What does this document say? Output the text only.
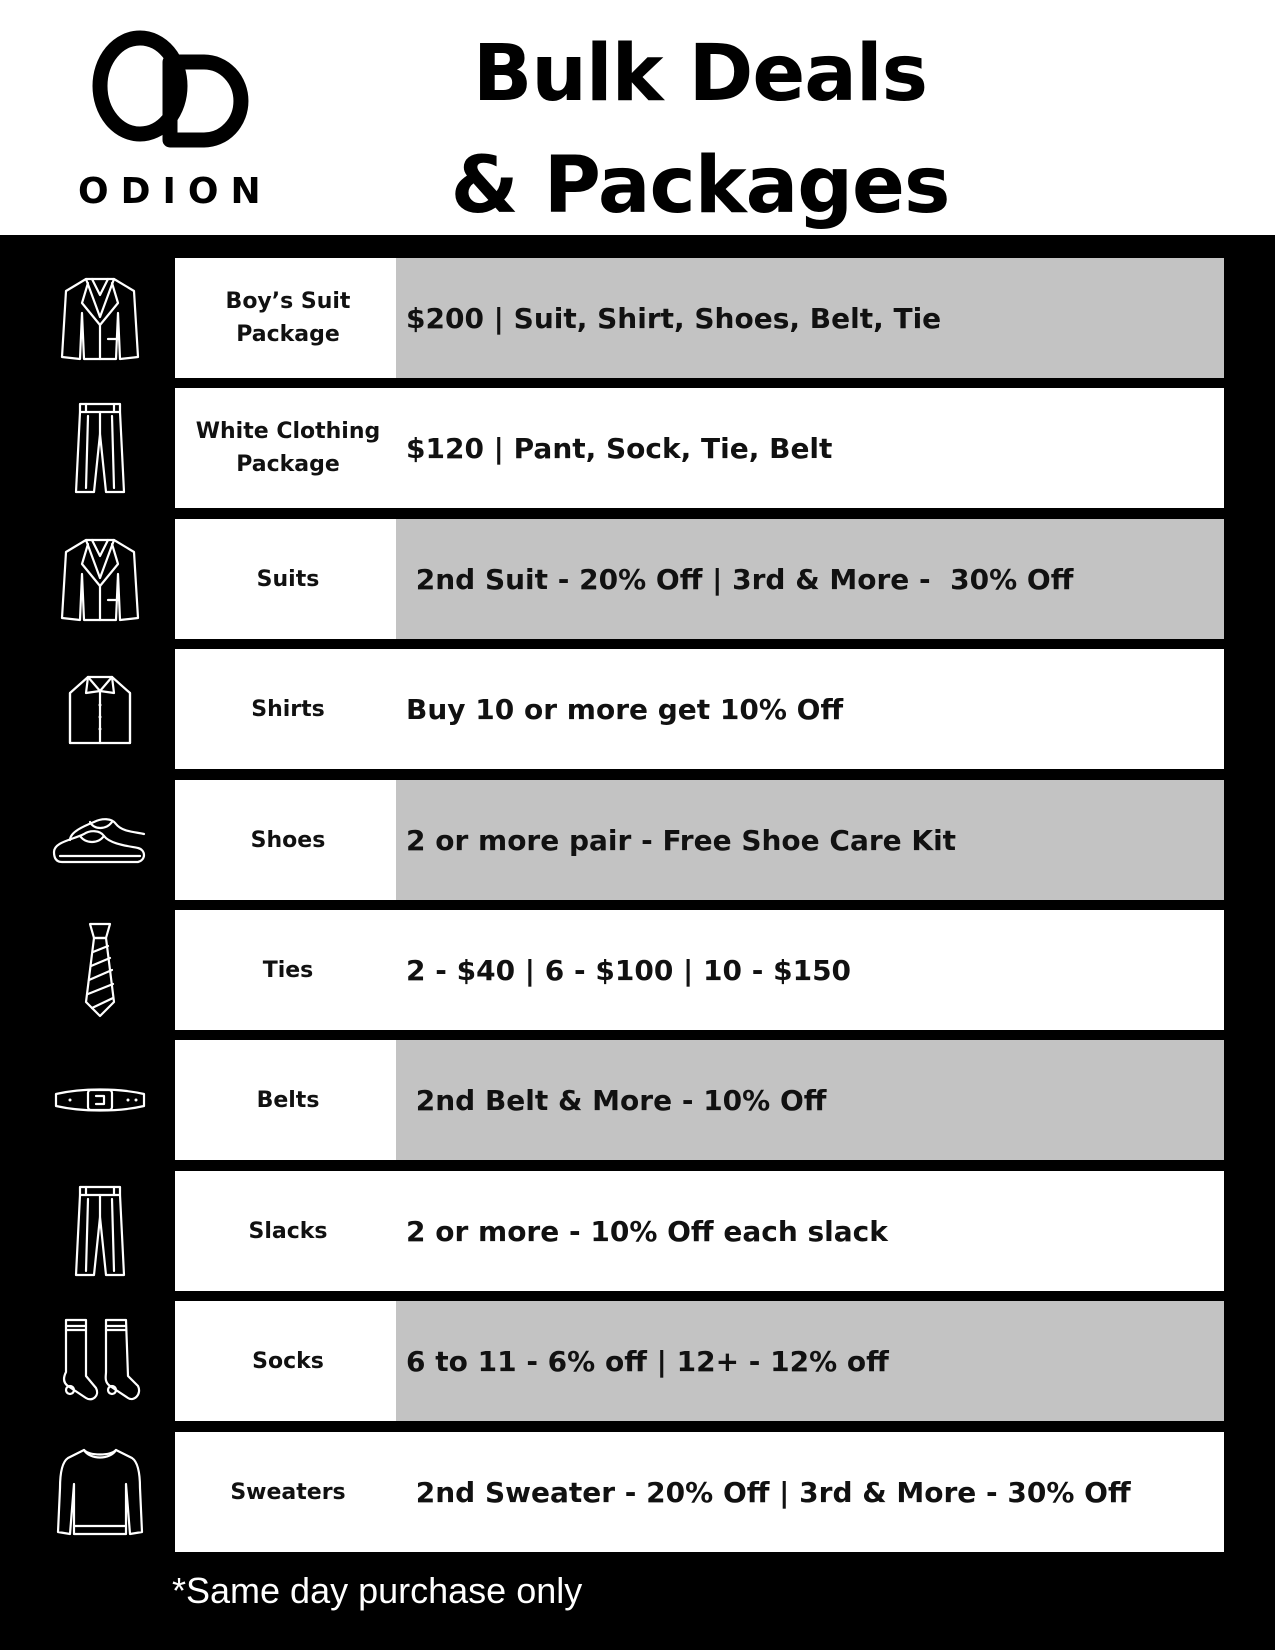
ODION
Bulk Deals
& Packages
Boy’s Suit Package	$200 | Suit, Shirt, Shoes, Belt, Tie
White Clothing Package	$120 | Pant, Sock, Tie, Belt
Suits	2nd Suit - 20% Off | 3rd & More -  30% Off
Shirts	Buy 10 or more get 10% Off
Shoes	2 or more pair - Free Shoe Care Kit
Ties	2 - $40 | 6 - $100 | 10 - $150
Belts	2nd Belt & More - 10% Off
Slacks	2 or more - 10% Off each slack
Socks	6 to 11 - 6% off | 12+ - 12% off
Sweaters	2nd Sweater - 20% Off | 3rd & More - 30% Off
*Same day purchase only
